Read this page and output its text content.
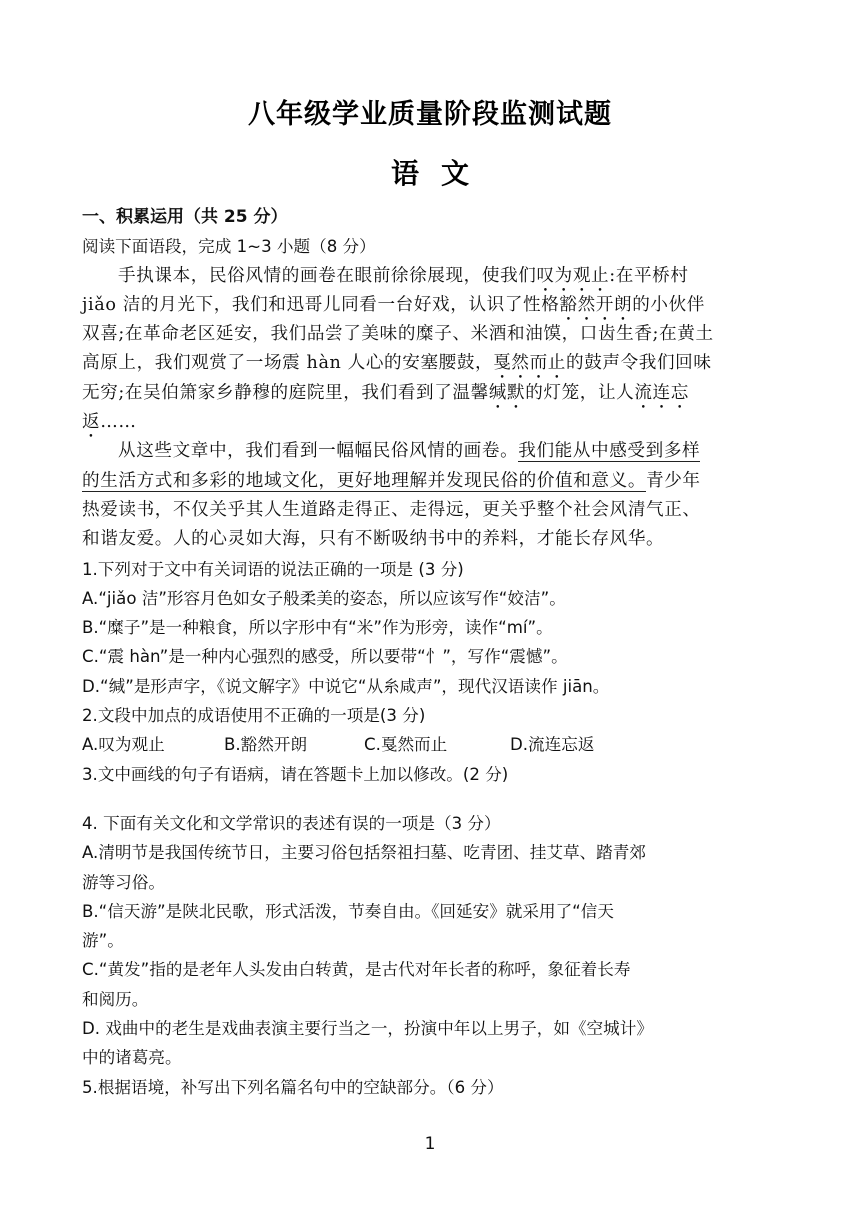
八年级学业质量阶段监测试题
语文
一、积累运用（共 25 分）
阅读下面语段，完成 1~3 小题（8 分）
手执课本，民俗风情的画卷在眼前徐徐展现，使我们叹为观止:在平桥村
jiǎo 洁的月光下，我们和迅哥儿同看一台好戏，认识了性格豁然开朗的小伙伴
双喜;在革命老区延安，我们品尝了美味的糜子、米酒和油馍，口齿生香;在黄土
高原上，我们观赏了一场震 hàn 人心的安塞腰鼓，戛然而止的鼓声令我们回味
无穷;在吴伯箫家乡静穆的庭院里，我们看到了温馨缄默的灯笼，让人流连忘
返……
从这些文章中，我们看到一幅幅民俗风情的画卷。我们能从中感受到多样
的生活方式和多彩的地域文化，更好地理解并发现民俗的价值和意义。青少年
热爱读书，不仅关乎其人生道路走得正、走得远，更关乎整个社会风清气正、
和谐友爱。人的心灵如大海，只有不断吸纳书中的养料，才能长存风华。
1.下列对于文中有关词语的说法正确的一项是 (3 分)
A.“jiǎo 洁”形容月色如女子般柔美的姿态，所以应该写作“姣洁”。
B.“糜子”是一种粮食，所以字形中有“米”作为形旁，读作“mí”。
C.“震 hàn”是一种内心强烈的感受，所以要带“忄”，写作“震憾”。
D.“缄”是形声字，《说文解字》中说它“从糸咸声”，现代汉语读作 jiān。
2.文段中加点的成语使用不正确的一项是(3 分)
A.叹为观止	B.豁然开朗	C.戛然而止	D.流连忘返
3.文中画线的句子有语病，请在答题卡上加以修改。(2 分)
4. 下面有关文化和文学常识的表述有误的一项是（3 分）
A.清明节是我国传统节日，主要习俗包括祭祖扫墓、吃青团、挂艾草、踏青郊
游等习俗。
B.“信天游”是陕北民歌，形式活泼，节奏自由。《回延安》就采用了“信天
游”。
C.“黄发”指的是老年人头发由白转黄，是古代对年长者的称呼，象征着长寿
和阅历。
D. 戏曲中的老生是戏曲表演主要行当之一，扮演中年以上男子，如《空城计》
中的诸葛亮。
5.根据语境，补写出下列名篇名句中的空缺部分。（6 分）
1
